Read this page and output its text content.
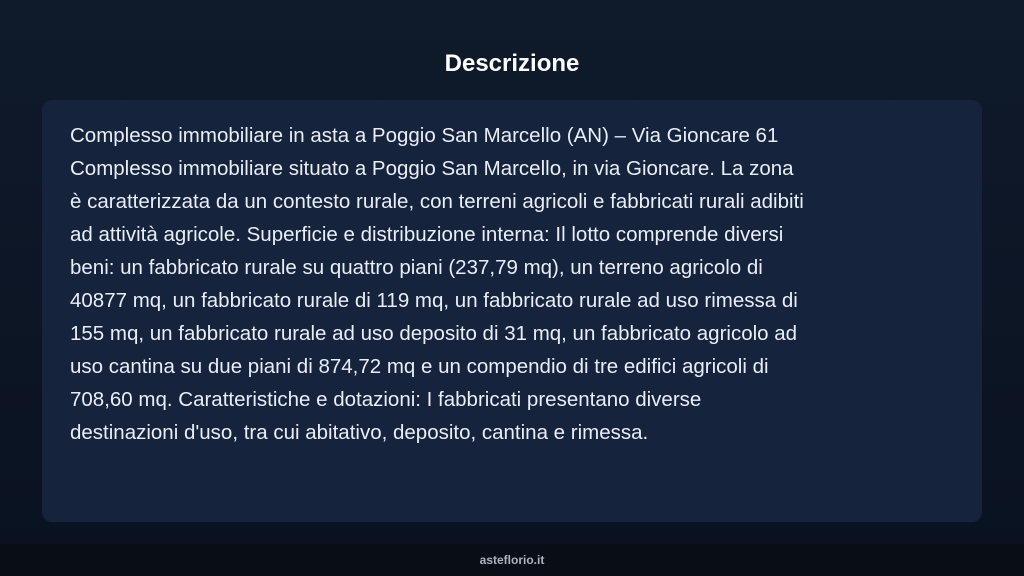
Descrizione

Complesso immobiliare in asta a Poggio San Marcello (AN) – Via Gioncare 61
Complesso immobiliare situato a Poggio San Marcello, in via Gioncare. La zona
è caratterizzata da un contesto rurale, con terreni agricoli e fabbricati rurali adibiti
ad attività agricole. Superficie e distribuzione interna: Il lotto comprende diversi
beni: un fabbricato rurale su quattro piani (237,79 mq), un terreno agricolo di
40877 mq, un fabbricato rurale di 119 mq, un fabbricato rurale ad uso rimessa di
155 mq, un fabbricato rurale ad uso deposito di 31 mq, un fabbricato agricolo ad
uso cantina su due piani di 874,72 mq e un compendio di tre edifici agricoli di
708,60 mq. Caratteristiche e dotazioni: I fabbricati presentano diverse
destinazioni d'uso, tra cui abitativo, deposito, cantina e rimessa.

asteflorio.it
